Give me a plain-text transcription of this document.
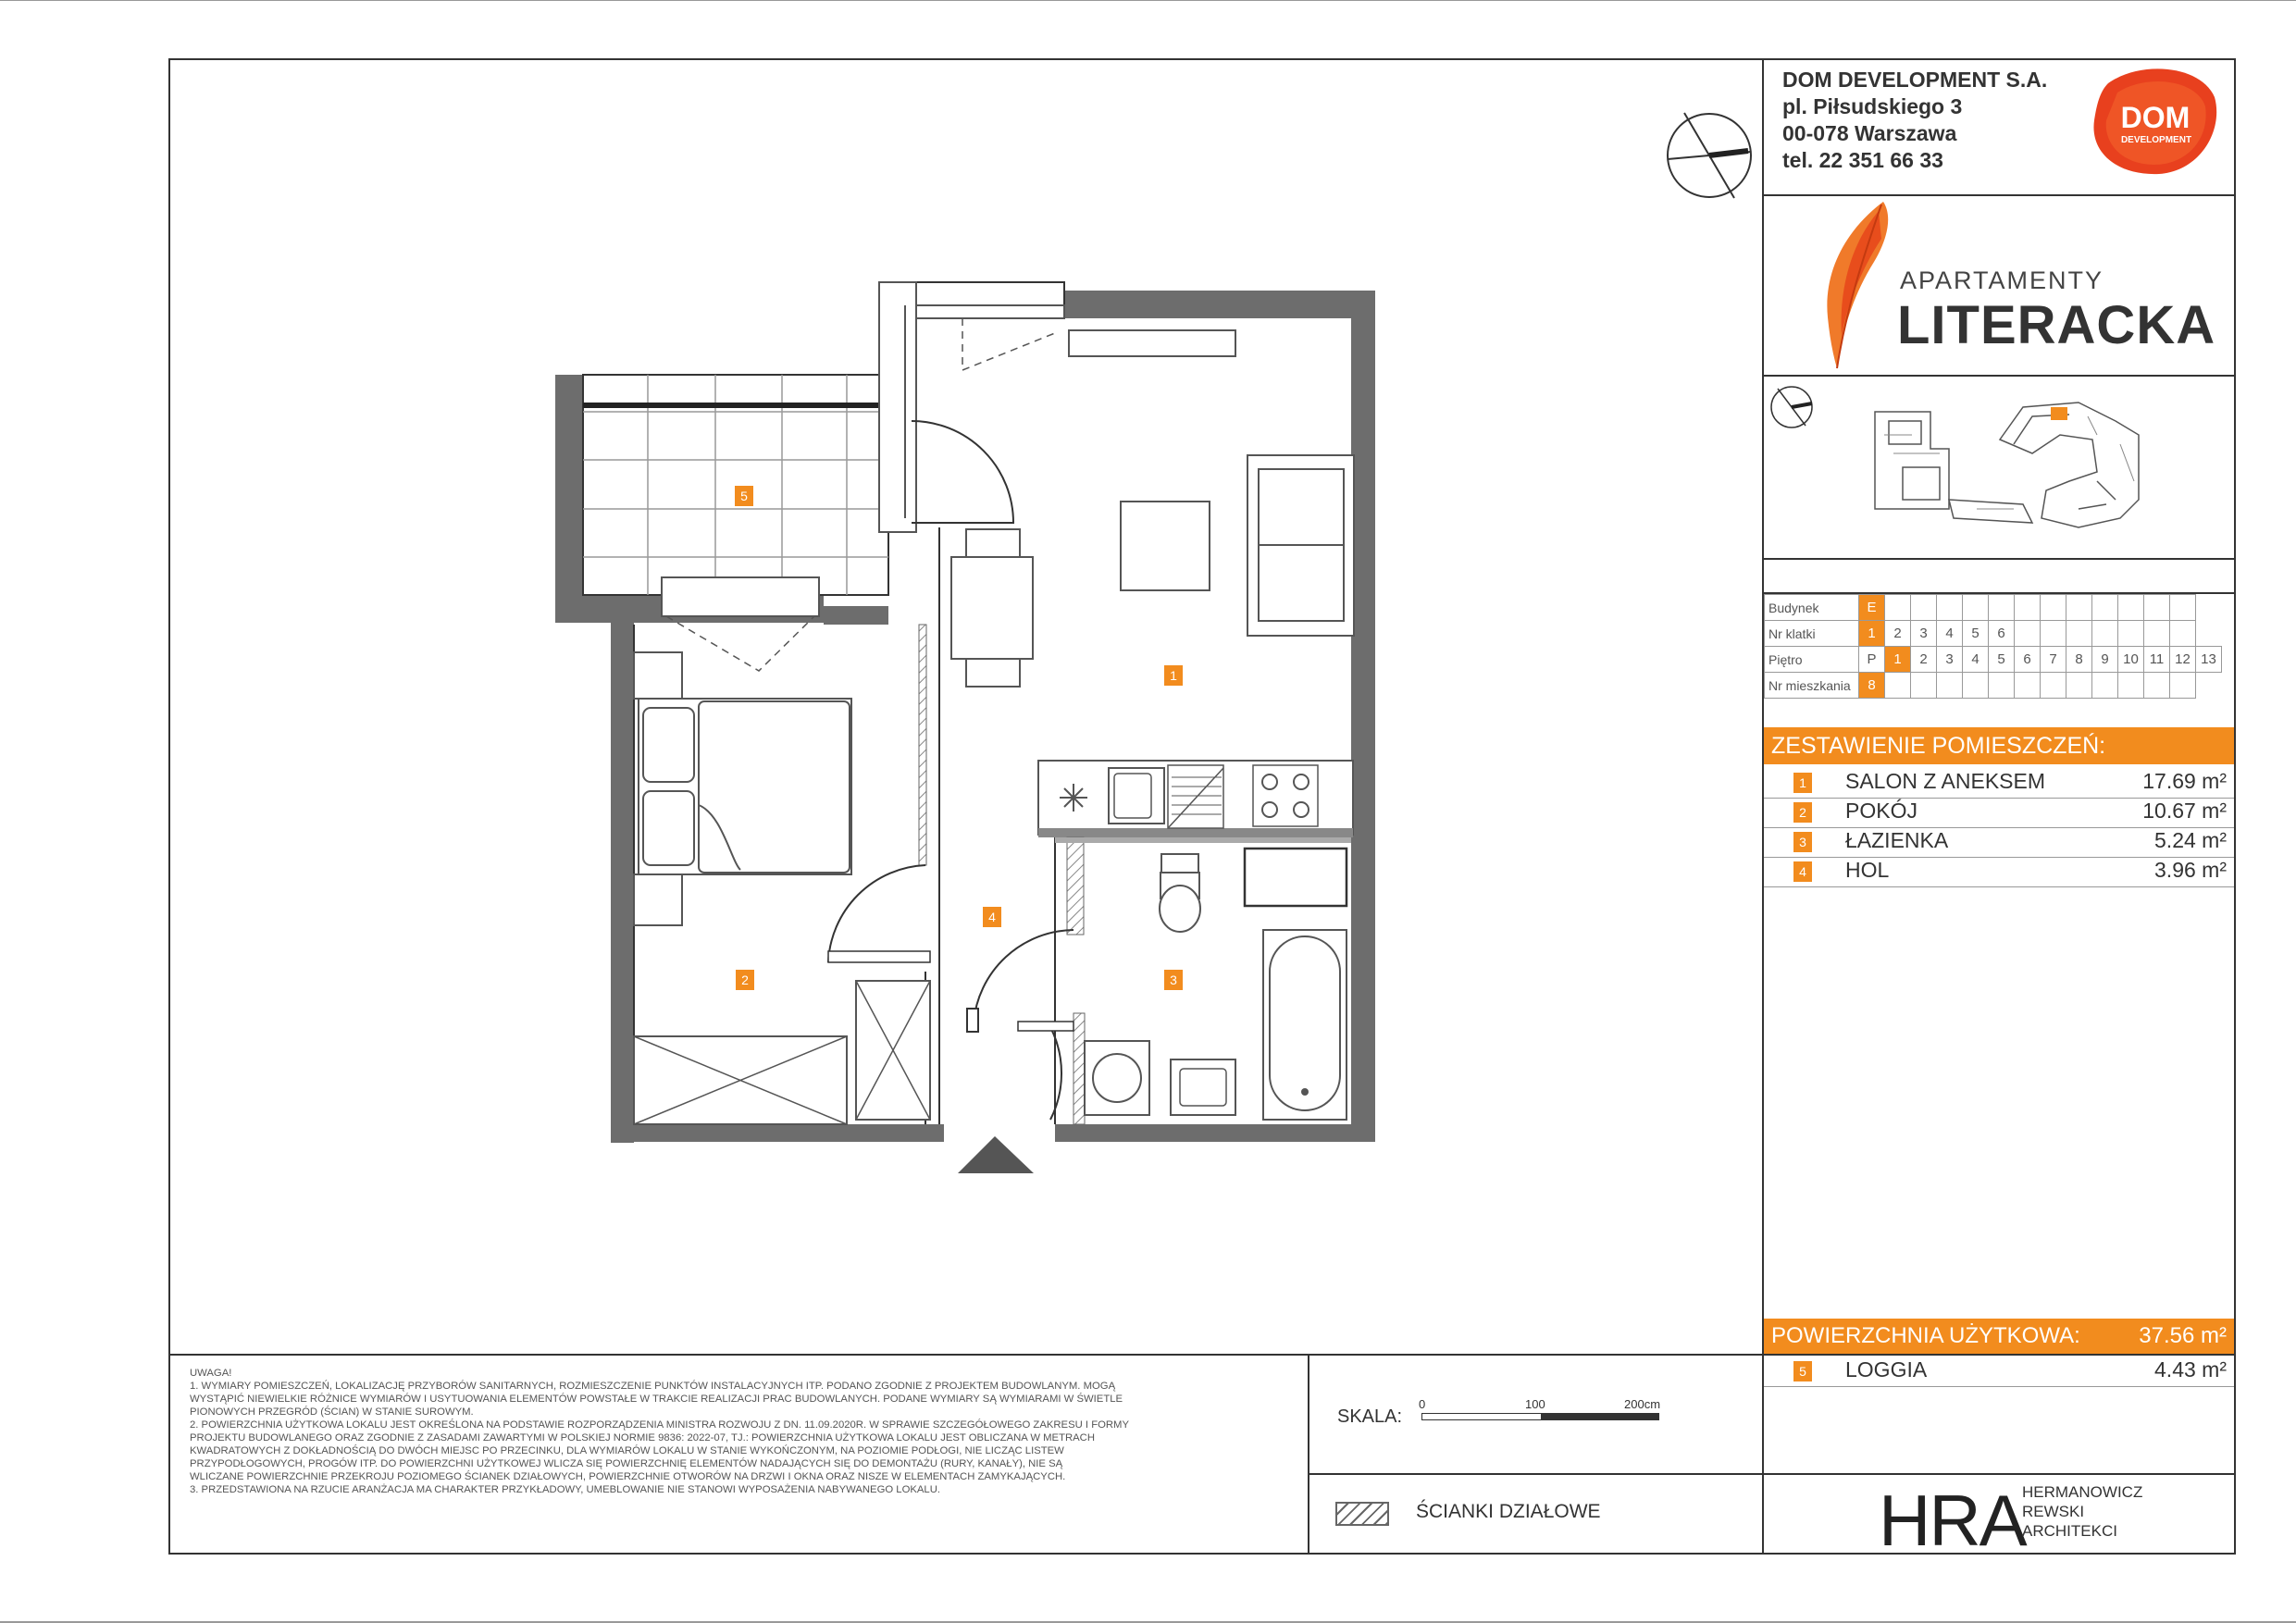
1
2	3
4
5
DOM DEVELOPMENT S.A.
pl. Piłsudskiego 3
00-078 Warszawa
tel. 22 351 66 33
DOM
DEVELOPMENT
APARTAMENTY
LITERACKA
Budynek	E													
Nr klatki	1	2	3	4	5	6								
Piętro	P	1	2	3	4	5	6	7	8	9	10	11	12	13
Nr mieszkania	8													
ZESTAWIENIE POMIESZCZEŃ:
1 SALON Z ANEKSEM	17.69 m²
2 POKÓJ	10.67 m²
3 ŁAZIENKA	5.24 m²
4 HOL	3.96 m²
POWIERZCHNIA UŻYTKOWA:	37.56 m²
5 LOGGIA	4.43 m²
UWAGA!
1. WYMIARY POMIESZCZEŃ, LOKALIZACJĘ PRZYBORÓW SANITARNYCH, ROZMIESZCZENIE PUNKTÓW INSTALACYJNYCH ITP. PODANO ZGODNIE Z PROJEKTEM BUDOWLANYM. MOGĄ
WYSTĄPIĆ NIEWIELKIE RÓŻNICE WYMIARÓW I USYTUOWANIA ELEMENTÓW POWSTAŁE W TRAKCIE REALIZACJI PRAC BUDOWLANYCH. PODANE WYMIARY SĄ WYMIARAMI W ŚWIETLE
PIONOWYCH PRZEGRÓD (ŚCIAN) W STANIE SUROWYM.
2. POWIERZCHNIA UŻYTKOWA LOKALU JEST OKREŚLONA NA PODSTAWIE ROZPORZĄDZENIA MINISTRA ROZWOJU Z DN. 11.09.2020R. W SPRAWIE SZCZEGÓŁOWEGO ZAKRESU I FORMY
PROJEKTU BUDOWLANEGO ORAZ ZGODNIE Z ZASADAMI ZAWARTYMI W POLSKIEJ NORMIE 9836: 2022-07, TJ.: POWIERZCHNIA UŻYTKOWA LOKALU JEST OBLICZANA W METRACH
KWADRATOWYCH Z DOKŁADNOŚCIĄ DO DWÓCH MIEJSC PO PRZECINKU, DLA WYMIARÓW LOKALU W STANIE WYKOŃCZONYM, NA POZIOMIE PODŁOGI, NIE LICZĄC LISTEW
PRZYPODŁOGOWYCH, PROGÓW ITP. DO POWIERZCHNI UŻYTKOWEJ WLICZA SIĘ POWIERZCHNIĘ ELEMENTÓW NADAJĄCYCH SIĘ DO DEMONTAŻU (RURY, KANAŁY), NIE SĄ
WLICZANE POWIERZCHNIE PRZEKROJU POZIOMEGO ŚCIANEK DZIAŁOWYCH, POWIERZCHNIE OTWORÓW NA DRZWI I OKNA ORAZ NISZE W ELEMENTACH ZAMYKAJĄCYCH.
3. PRZEDSTAWIONA NA RZUCIE ARANŻACJA MA CHARAKTER PRZYKŁADOWY, UMEBLOWANIE NIE STANOWI WYPOSAŻENIA NABYWANEGO LOKALU.
SKALA:
0	100	200cm
ŚCIANKI DZIAŁOWE	HRA
HERMANOWICZ
REWSKI
ARCHITEKCI
